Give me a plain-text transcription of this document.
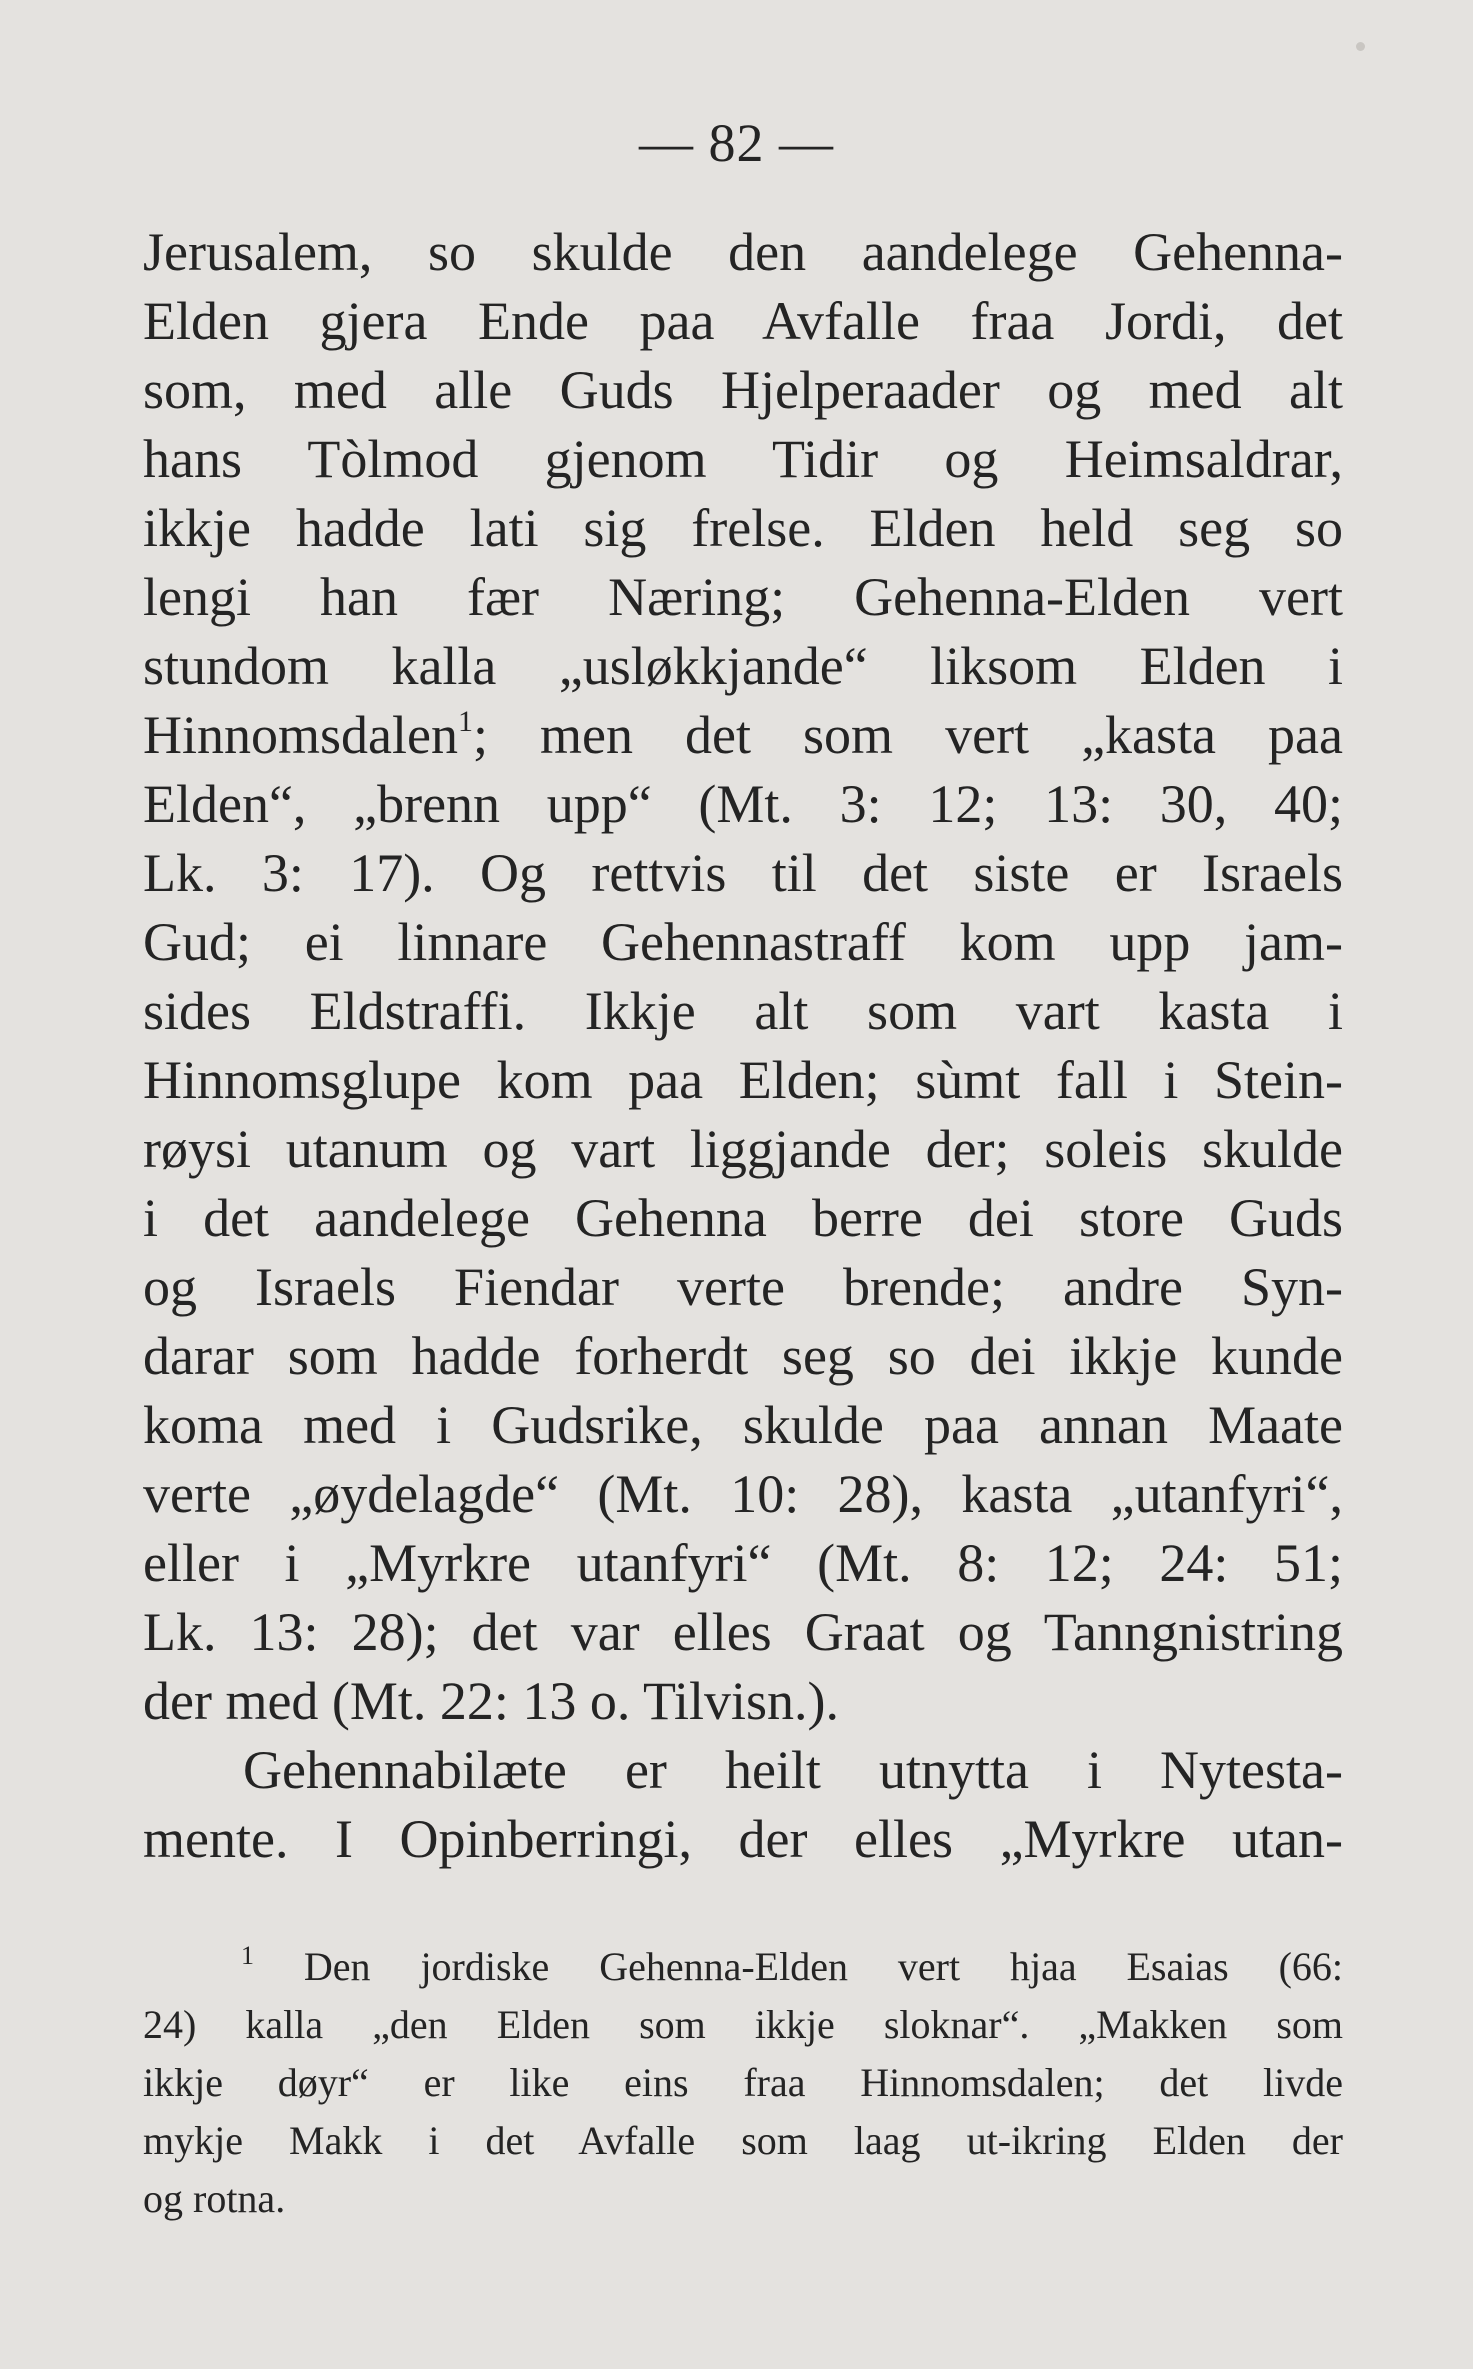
— 82 —
Jerusalem, so skulde den aandelege Gehenna-
Elden gjera Ende paa Avfalle fraa Jordi, det
som, med alle Guds Hjelperaader og med alt
hans Tòlmod gjenom Tidir og Heimsaldrar,
ikkje hadde lati sig frelse. Elden held seg so
lengi han fær Næring; Gehenna-Elden vert
stundom kalla „usløkkjande“ liksom Elden i
Hinnomsdalen$^1$; men det som vert „kasta paa
Elden“, „brenn upp“ (Mt. 3: 12; 13: 30, 40;
Lk. 3: 17). Og rettvis til det siste er Israels
Gud; ei linnare Gehennastraff kom upp jam-
sides Eldstraffi. Ikkje alt som vart kasta i
Hinnomsglupe kom paa Elden; sùmt fall i Stein-
røysi utanum og vart liggjande der; soleis skulde
i det aandelege Gehenna berre dei store Guds
og Israels Fiendar verte brende; andre Syn-
darar som hadde forherdt seg so dei ikkje kunde
koma med i Gudsrike, skulde paa annan Maate
verte „øydelagde“ (Mt. 10: 28), kasta „utanfyri“,
eller i „Myrkre utanfyri“ (Mt. 8: 12; 24: 51;
Lk. 13: 28); det var elles Graat og Tanngnistring
der med (Mt. 22: 13 o. Tilvisn.).
Gehennabilæte er heilt utnytta i Nytesta-
mente. I Opinberringi, der elles „Myrkre utan-
$^1$ Den jordiske Gehenna-Elden vert hjaa Esaias (66:
24) kalla „den Elden som ikkje sloknar“. „Makken som
ikkje døyr“ er like eins fraa Hinnomsdalen; det livde
mykje Makk i det Avfalle som laag ut-ikring Elden der
og rotna.
